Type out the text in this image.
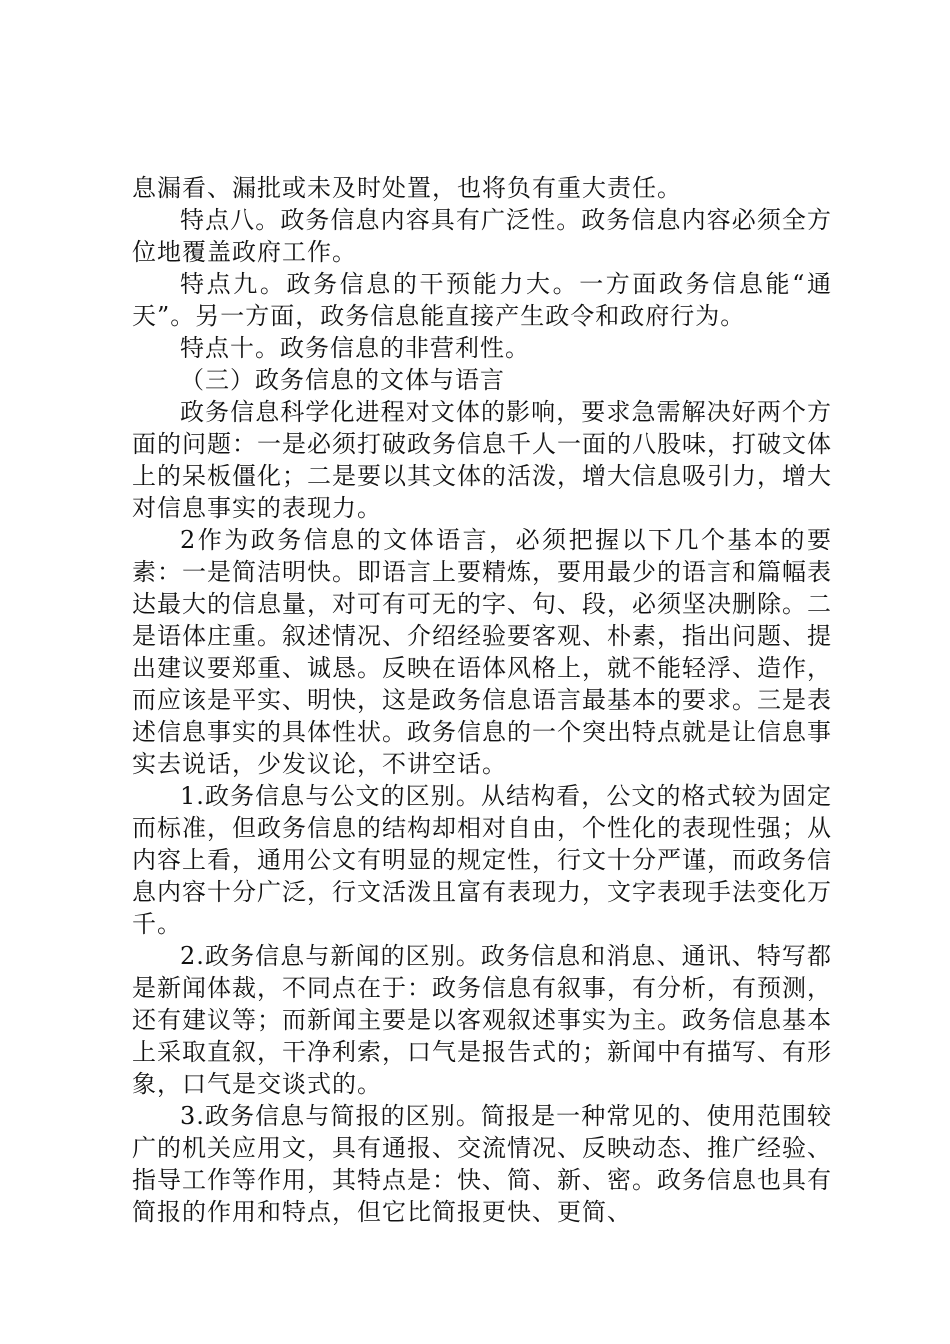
息漏看、漏批或未及时处置，也将负有重大责任。

特点八。政务信息内容具有广泛性。政务信息内容必须全方位地覆盖政府工作。

特点九。政务信息的干预能力大。一方面政务信息能“通天”。另一方面，政务信息能直接产生政令和政府行为。

特点十。政务信息的非营利性。

（三）政务信息的文体与语言

政务信息科学化进程对文体的影响，要求急需解决好两个方面的问题：一是必须打破政务信息千人一面的八股味，打破文体上的呆板僵化；二是要以其文体的活泼，增大信息吸引力，增大对信息事实的表现力。

2作为政务信息的文体语言，必须把握以下几个基本的要素：一是简洁明快。即语言上要精炼，要用最少的语言和篇幅表达最大的信息量，对可有可无的字、句、段，必须坚决删除。二是语体庄重。叙述情况、介绍经验要客观、朴素，指出问题、提出建议要郑重、诚恳。反映在语体风格上，就不能轻浮、造作，而应该是平实、明快，这是政务信息语言最基本的要求。三是表述信息事实的具体性状。政务信息的一个突出特点就是让信息事实去说话，少发议论，不讲空话。

1.政务信息与公文的区别。从结构看，公文的格式较为固定而标准，但政务信息的结构却相对自由，个性化的表现性强；从内容上看，通用公文有明显的规定性，行文十分严谨，而政务信息内容十分广泛，行文活泼且富有表现力，文字表现手法变化万千。

2.政务信息与新闻的区别。政务信息和消息、通讯、特写都是新闻体裁，不同点在于：政务信息有叙事，有分析，有预测，还有建议等；而新闻主要是以客观叙述事实为主。政务信息基本上采取直叙，干净利索，口气是报告式的；新闻中有描写、有形象，口气是交谈式的。

3.政务信息与简报的区别。简报是一种常见的、使用范围较广的机关应用文，具有通报、交流情况、反映动态、推广经验、指导工作等作用，其特点是：快、简、新、密。政务信息也具有简报的作用和特点，但它比简报更快、更简、
